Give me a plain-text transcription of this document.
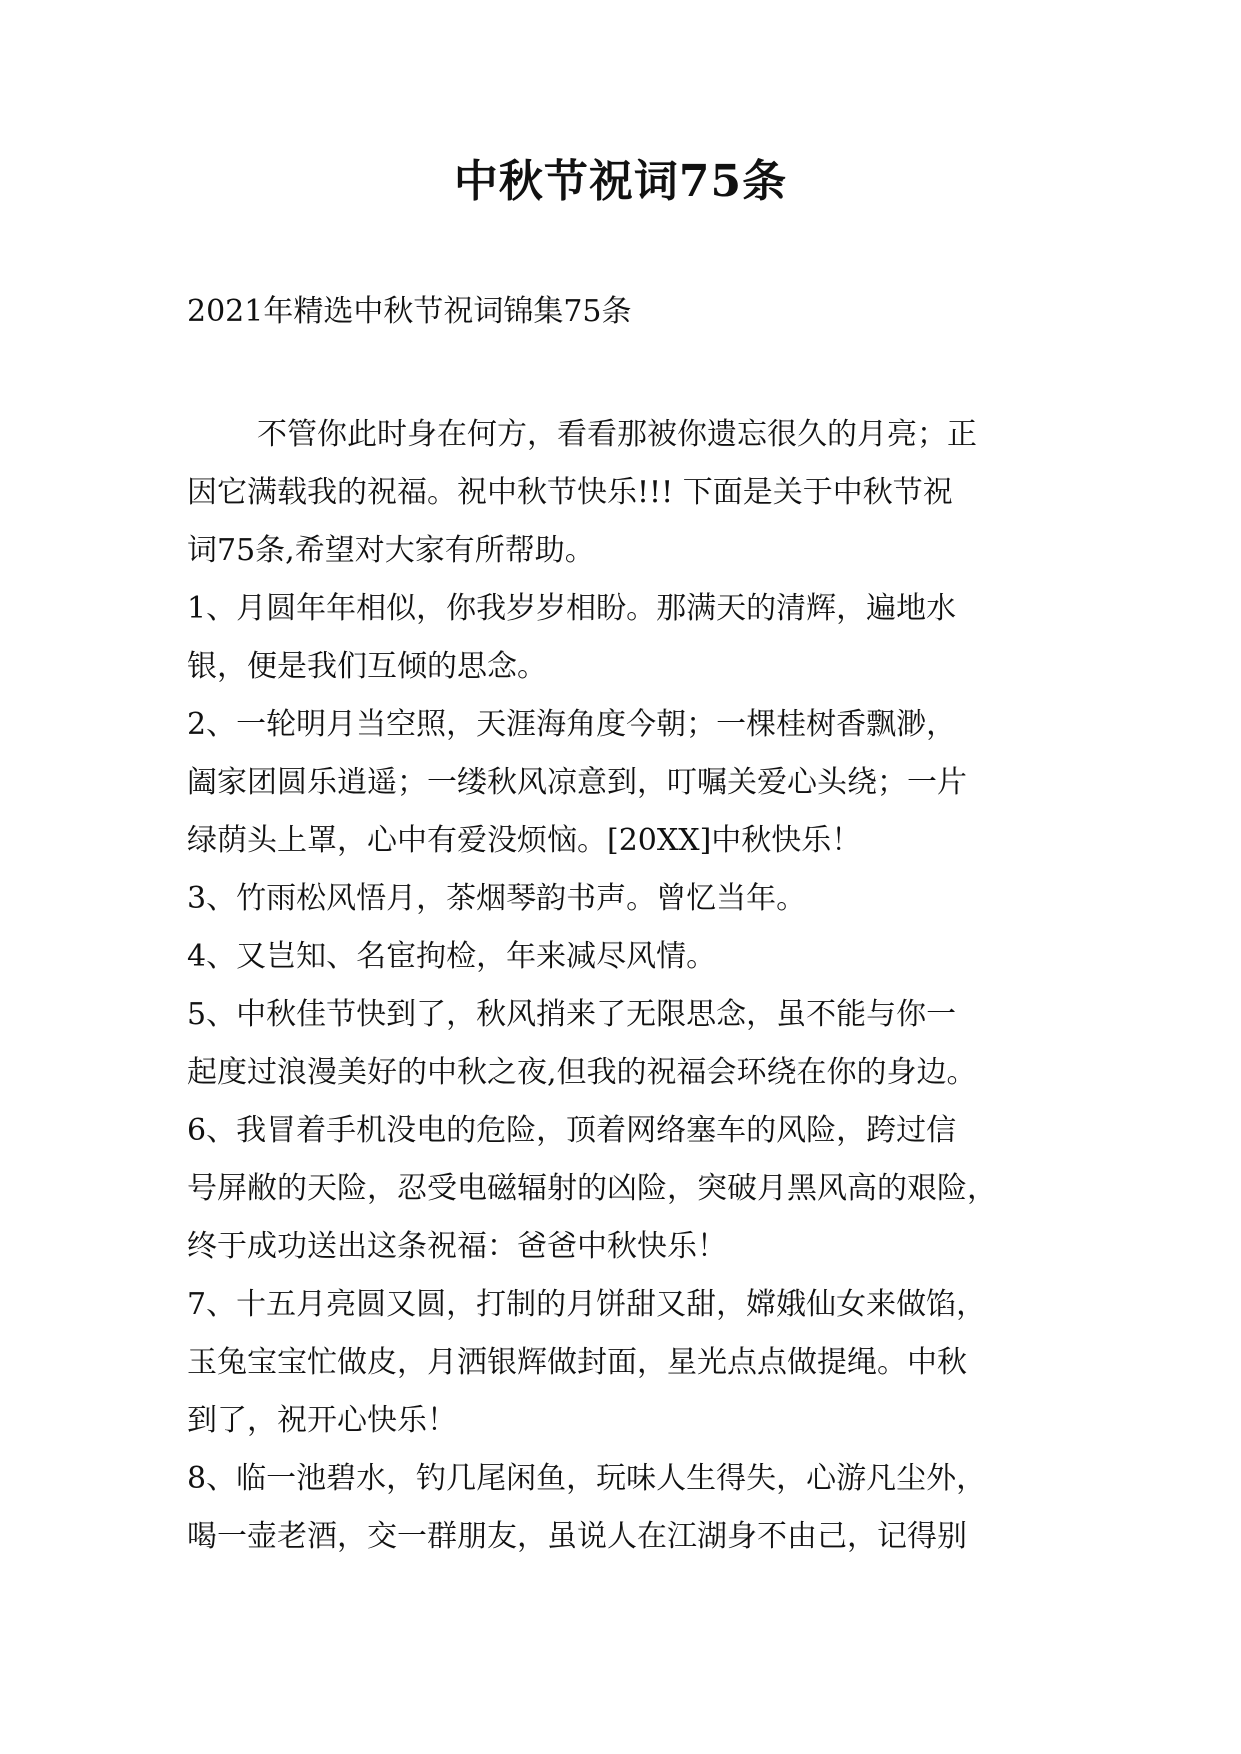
中秋节祝词75条
2021年精选中秋节祝词锦集75条
不管你此时身在何方，看看那被你遗忘很久的月亮；正
因它满载我的祝福。祝中秋节快乐!!! 下面是关于中秋节祝
词75条,希望对大家有所帮助。
1、月圆年年相似，你我岁岁相盼。那满天的清辉，遍地水
银，便是我们互倾的思念。
2、一轮明月当空照，天涯海角度今朝；一棵桂树香飘渺，
阖家团圆乐逍遥；一缕秋风凉意到，叮嘱关爱心头绕；一片
绿荫头上罩，心中有爱没烦恼。[20XX]中秋快乐！
3、竹雨松风悟月，茶烟琴韵书声。曾忆当年。
4、又岂知、名宦拘检，年来减尽风情。
5、中秋佳节快到了，秋风捎来了无限思念，虽不能与你一
起度过浪漫美好的中秋之夜,但我的祝福会环绕在你的身边。
6、我冒着手机没电的危险，顶着网络塞车的风险，跨过信
号屏敝的天险，忍受电磁辐射的凶险，突破月黑风高的艰险，
终于成功送出这条祝福：爸爸中秋快乐！
7、十五月亮圆又圆，打制的月饼甜又甜，嫦娥仙女来做馅，
玉兔宝宝忙做皮，月洒银辉做封面，星光点点做提绳。中秋
到了，祝开心快乐！
8、临一池碧水，钓几尾闲鱼，玩味人生得失，心游凡尘外，
喝一壶老酒，交一群朋友，虽说人在江湖身不由己，记得别
